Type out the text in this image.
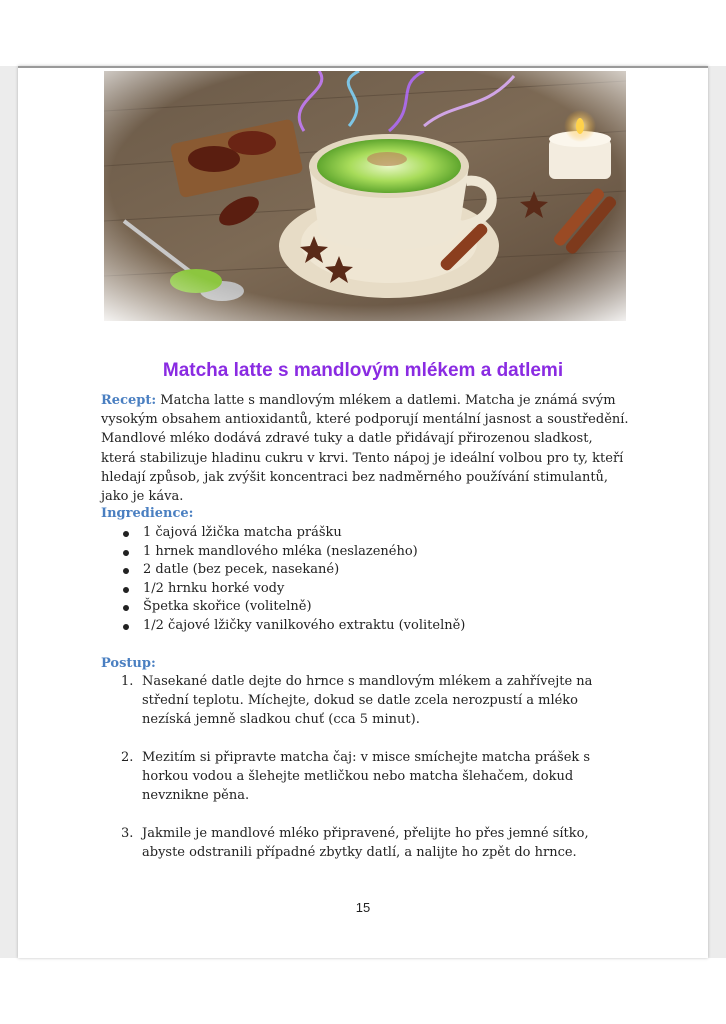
Matcha latte s mandlovým mlékem a datlemi
Recept: Matcha latte s mandlovým mlékem a datlemi. Matcha je známá svým vysokým obsahem antioxidantů, které podporují mentální jasnost a soustředění. Mandlové mléko dodává zdravé tuky a datle přidávají přirozenou sladkost, která stabilizuje hladinu cukru v krvi. Tento nápoj je ideální volbou pro ty, kteří hledají způsob, jak zvýšit koncentraci bez nadměrného používání stimulantů, jako je káva.
Ingredience:
1 čajová lžička matcha prášku
1 hrnek mandlového mléka (neslazeného)
2 datle (bez pecek, nasekané)
1/2 hrnku horké vody
Špetka skořice (volitelně)
1/2 čajové lžičky vanilkového extraktu (volitelně)
Postup:
1. Nasekané datle dejte do hrnce s mandlovým mlékem a zahřívejte na střední teplotu. Míchejte, dokud se datle zcela nerozpustí a mléko nezíská jemně sladkou chuť (cca 5 minut).
2. Mezitím si připravte matcha čaj: v misce smíchejte matcha prášek s horkou vodou a šlehejte metličkou nebo matcha šlehačem, dokud nevznikne pěna.
3. Jakmile je mandlové mléko připravené, přelijte ho přes jemné sítko, abyste odstranili případné zbytky datlí, a nalijte ho zpět do hrnce.
15
